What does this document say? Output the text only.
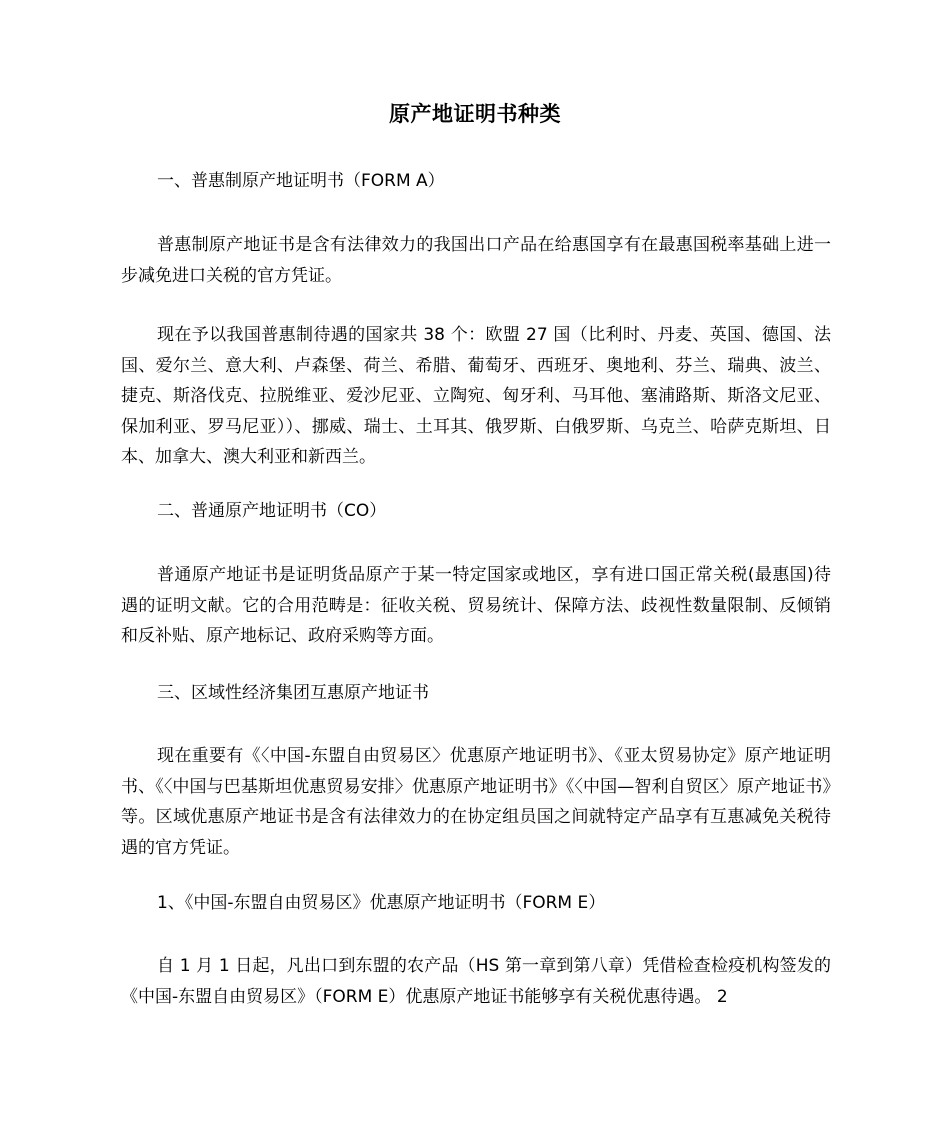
原产地证明书种类
一、普惠制原产地证明书（FORM A）

普惠制原产地证书是含有法律效力的我国出口产品在给惠国享有在最惠国税率基础上进一步减免进口关税的官方凭证。

现在予以我国普惠制待遇的国家共 38 个：欧盟 27 国（比利时、丹麦、英国、德国、法国、爱尔兰、意大利、卢森堡、荷兰、希腊、葡萄牙、西班牙、奥地利、芬兰、瑞典、波兰、捷克、斯洛伐克、拉脱维亚、爱沙尼亚、立陶宛、匈牙利、马耳他、塞浦路斯、斯洛文尼亚、保加利亚、罗马尼亚））、挪威、瑞士、土耳其、俄罗斯、白俄罗斯、乌克兰、哈萨克斯坦、日本、加拿大、澳大利亚和新西兰。

二、普通原产地证明书（CO）

普通原产地证书是证明货品原产于某一特定国家或地区，享有进口国正常关税(最惠国)待遇的证明文献。它的合用范畴是：征收关税、贸易统计、保障方法、歧视性数量限制、反倾销和反补贴、原产地标记、政府采购等方面。

三、区域性经济集团互惠原产地证书

现在重要有《〈中国-东盟自由贸易区〉优惠原产地证明书》、《亚太贸易协定》原产地证明书、《〈中国与巴基斯坦优惠贸易安排〉优惠原产地证明书》《〈中国—智利自贸区〉原产地证书》等。区域优惠原产地证书是含有法律效力的在协定组员国之间就特定产品享有互惠减免关税待遇的官方凭证。

1、《中国-东盟自由贸易区》优惠原产地证明书（FORM E）

自 1 月 1 日起，凡出口到东盟的农产品（HS 第一章到第八章）凭借检查检疫机构签发的《中国-东盟自由贸易区》（FORM E）优惠原产地证书能够享有关税优惠待遇。 2
